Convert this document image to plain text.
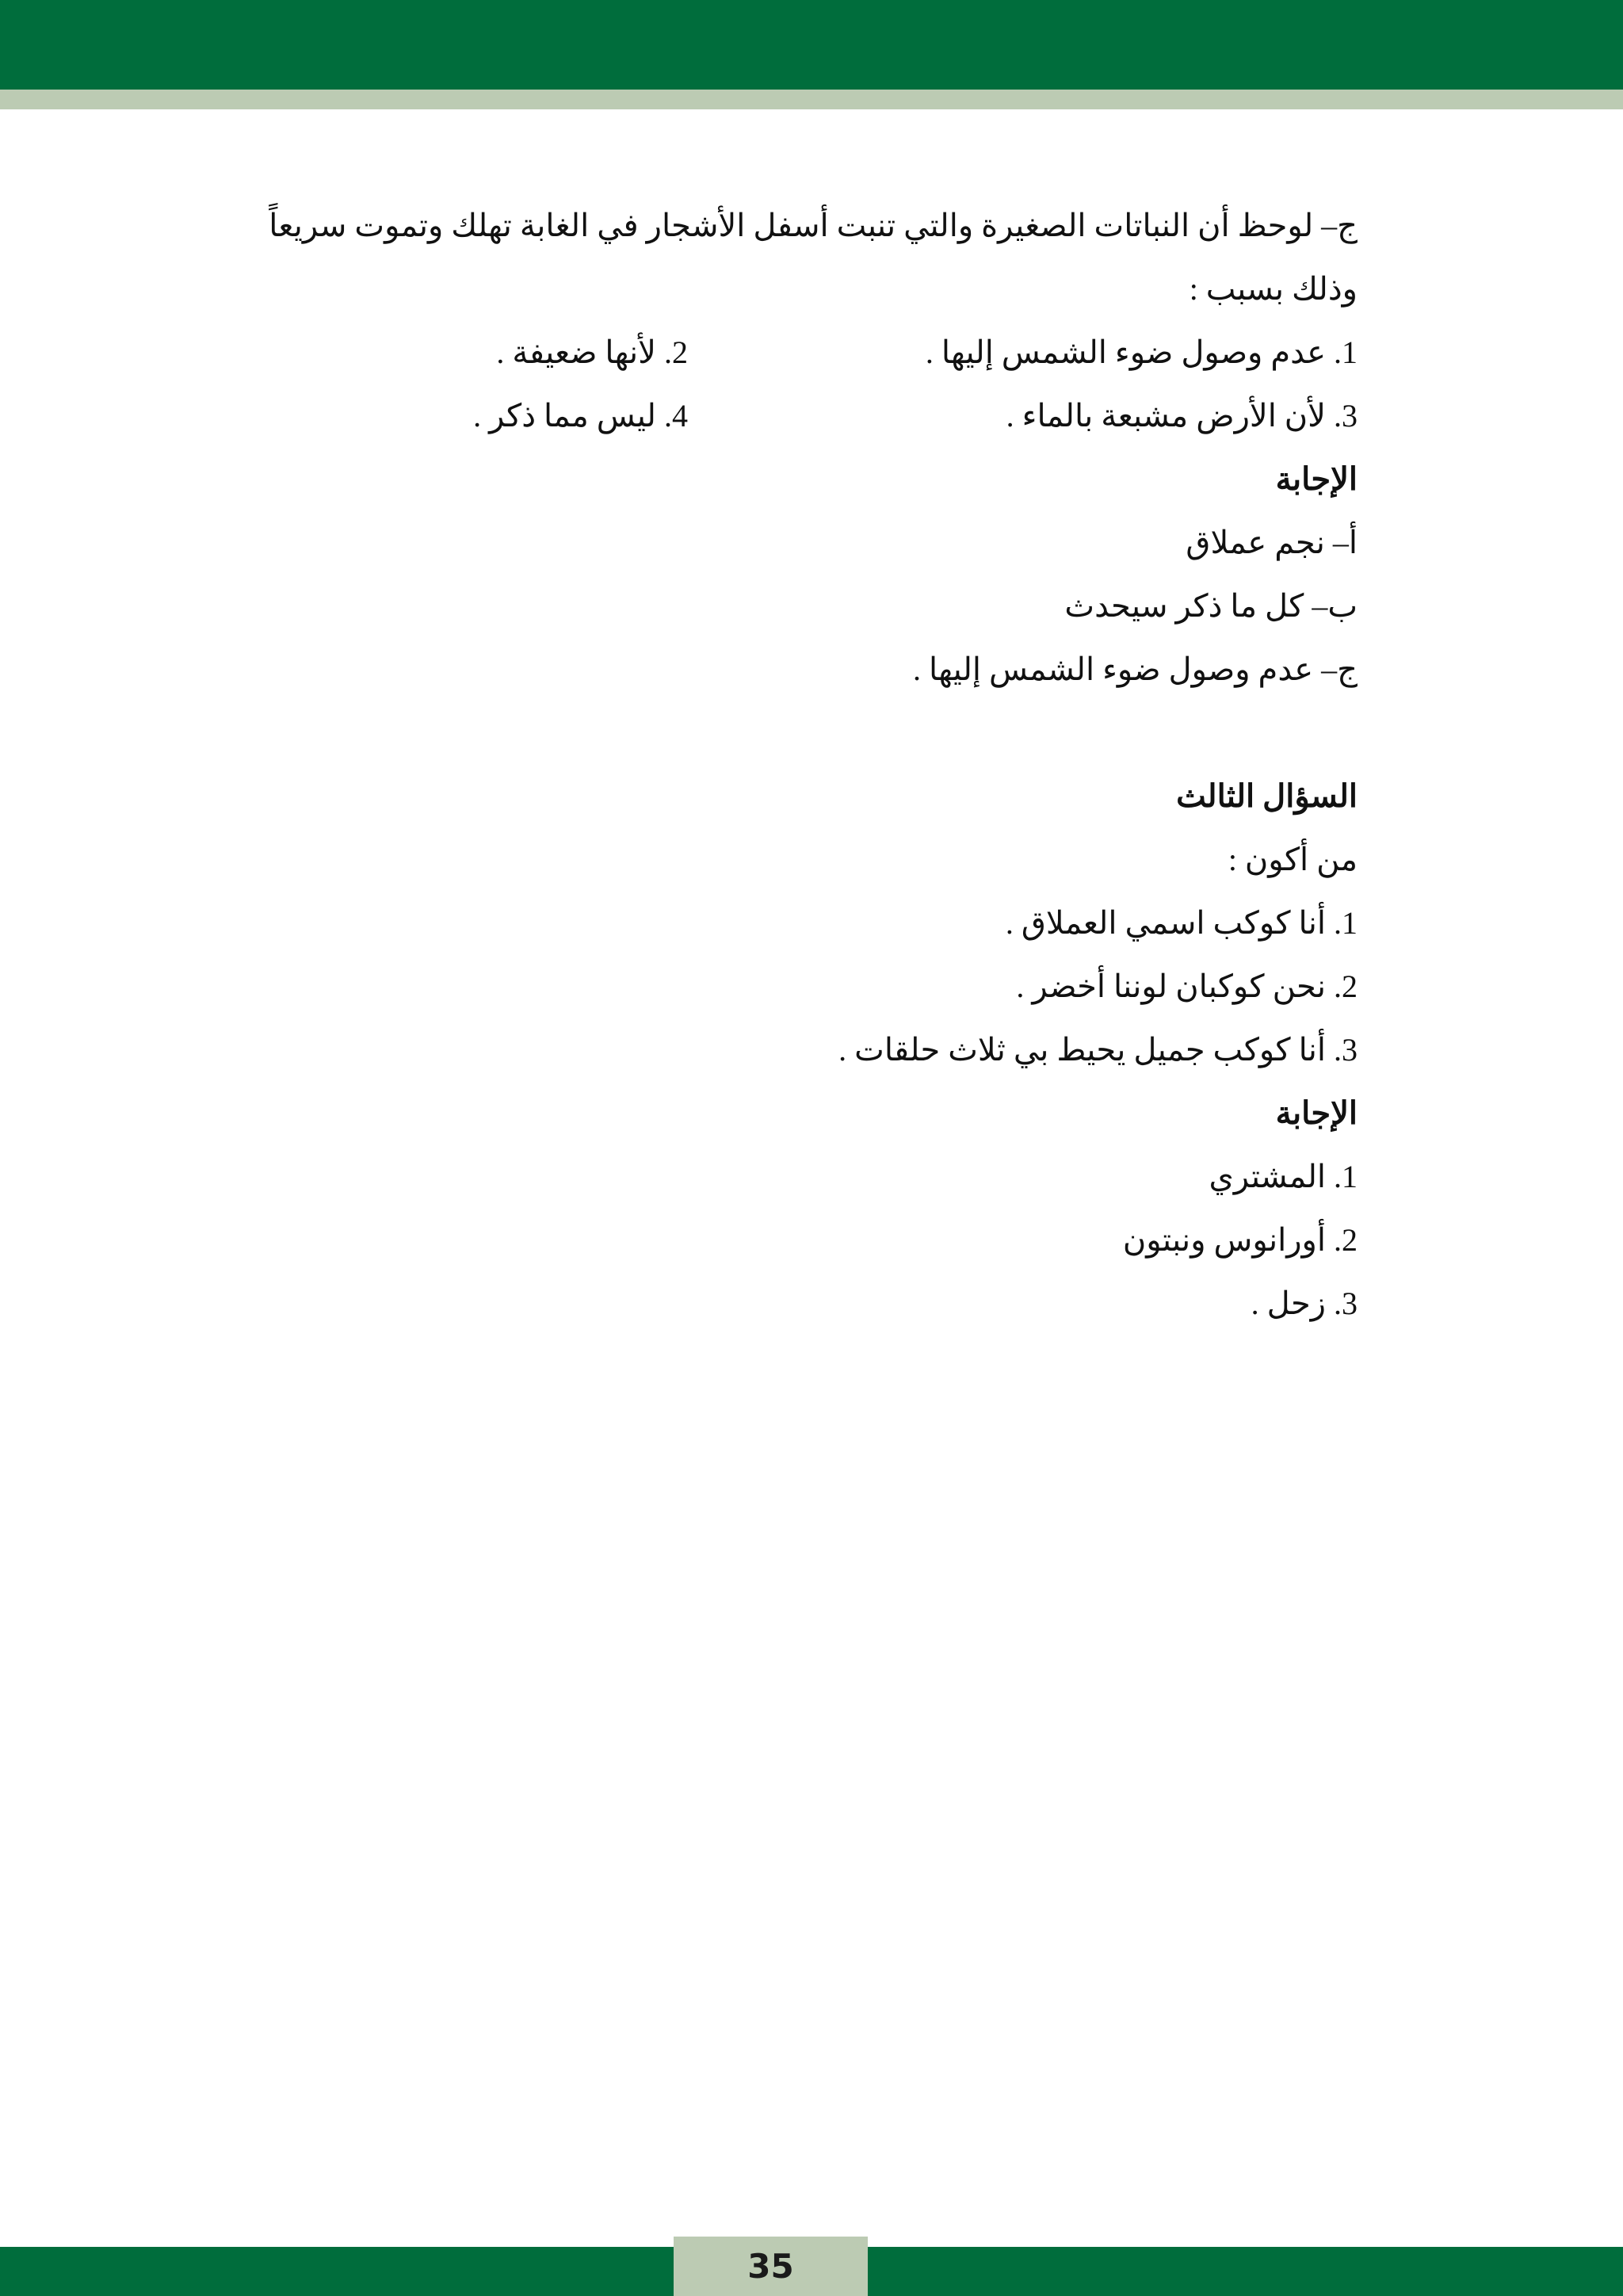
ج– لوحظ أن النباتات الصغيرة والتي تنبت أسفل الأشجار في الغابة تهلك وتموت سريعاً وذلك بسبب :
1. عدم وصول ضوء الشمس إليها .
2. لأنها ضعيفة .
3. لأن الأرض مشبعة بالماء .
4. ليس مما ذكر .
الإجابة
أ– نجم عملاق
ب– كل ما ذكر سيحدث
ج– عدم وصول ضوء الشمس إليها .
السؤال الثالث
من أكون :
1. أنا كوكب اسمي العملاق .
2. نحن كوكبان لوننا أخضر .
3. أنا كوكب جميل يحيط بي ثلاث حلقات .
الإجابة
1. المشتري
2. أورانوس ونبتون
3. زحل .
35
